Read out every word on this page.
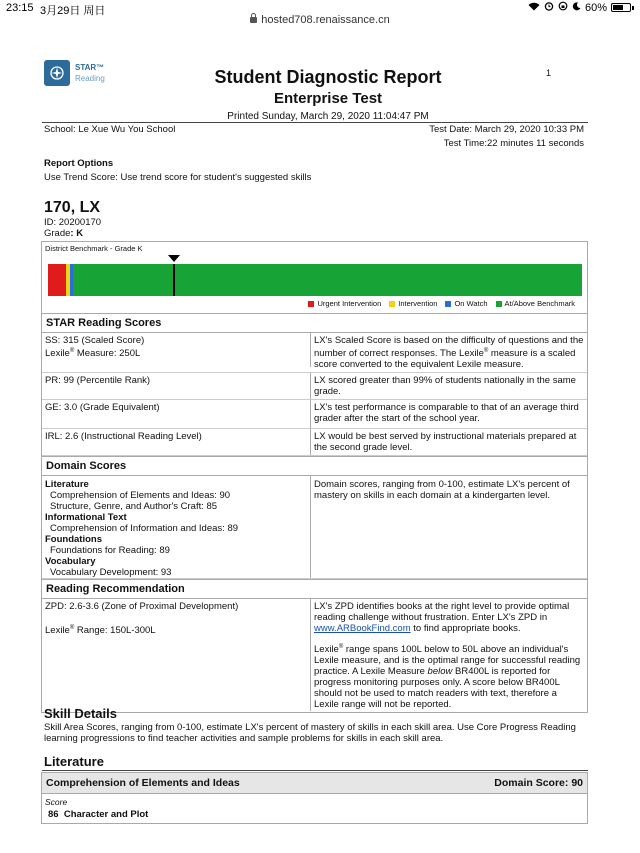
23:15 3月29日 周日	60%
hosted708.renaissance.cn
STAR™
Reading	Student Diagnostic Report
Enterprise Test
Printed Sunday, March 29, 2020 11:04:47 PM
1
School: Le Xue Wu You School	Test Date: March 29, 2020 10:33 PM
Test Time:22 minutes 11 seconds
Report Options
Use Trend Score: Use trend score for student's suggested skills
170, LX
ID: 20200170
Grade: K
District Benchmark - Grade K
Urgent Intervention	Intervention	On Watch	At/Above Benchmark
STAR Reading Scores
SS: 315 (Scaled Score)
Lexile® Measure: 250L
LX's Scaled Score is based on the difficulty of questions and the number of correct responses. The Lexile® measure is a scaled score converted to the equivalent Lexile measure.
PR: 99 (Percentile Rank)	LX scored greater than 99% of students nationally in the same grade.
GE: 3.0 (Grade Equivalent)	LX's test performance is comparable to that of an average third grader after the start of the school year.
IRL: 2.6 (Instructional Reading Level)	LX would be best served by instructional materials prepared at the second grade level.
Domain Scores
Literature
Comprehension of Elements and Ideas: 90
Structure, Genre, and Author's Craft: 85
Informational Text
Comprehension of Information and Ideas: 89
Foundations
Foundations for Reading: 89
Vocabulary
Vocabulary Development: 93
Domain scores, ranging from 0-100, estimate LX's percent of mastery on skills in each domain at a kindergarten level.
Reading Recommendation
ZPD: 2.6-3.6 (Zone of Proximal Development)
Lexile® Range: 150L-300L
LX's ZPD identifies books at the right level to provide optimal reading challenge without frustration. Enter LX's ZPD in www.ARBookFind.com to find appropriate books.
Lexile® range spans 100L below to 50L above an individual's Lexile measure, and is the optimal range for successful reading practice. A Lexile Measure below BR400L is reported for progress monitoring purposes only. A score below BR400L should not be used to match readers with text, therefore a Lexile range will not be reported.
Skill Details
Skill Area Scores, ranging from 0-100, estimate LX's percent of mastery of skills in each skill area. Use Core Progress Reading learning progressions to find teacher activities and sample problems for skills in each skill area.
Literature
Comprehension of Elements and Ideas	Domain Score: 90
Score
86 Character and Plot
